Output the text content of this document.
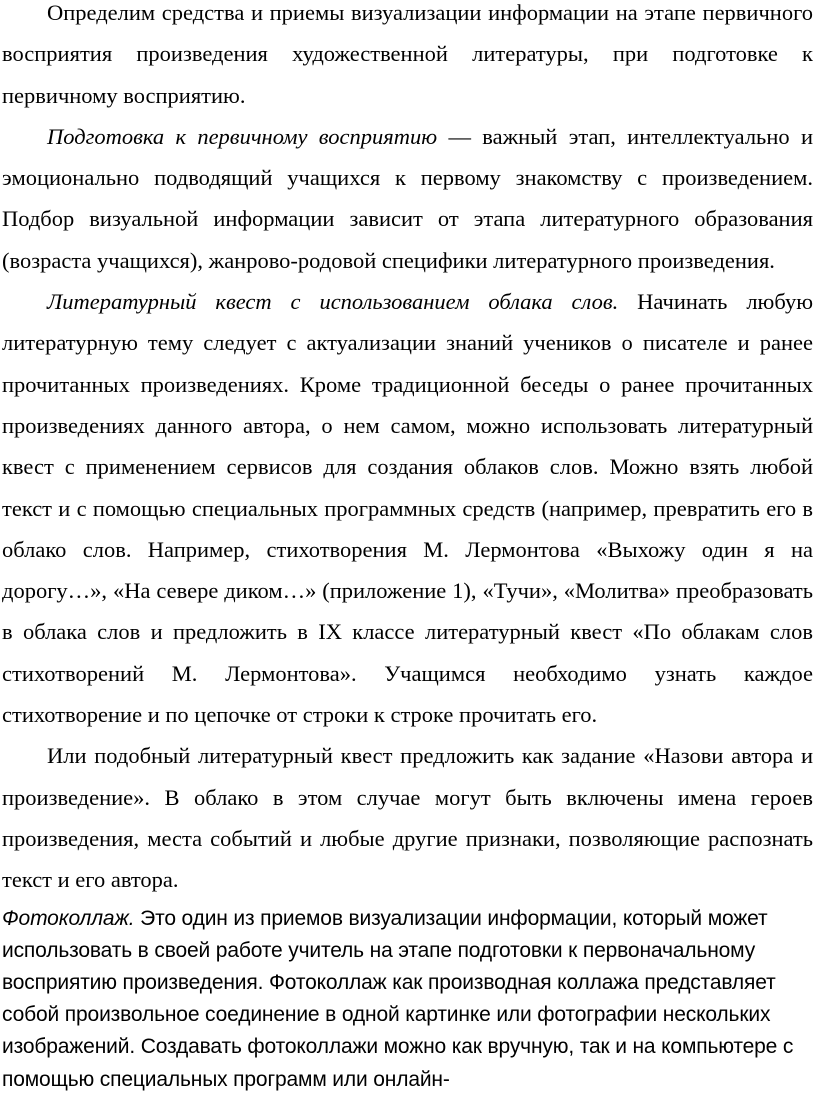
Определим средства и приемы визуализации информации на этапе первичного восприятия произведения художественной литературы, при подготовке к первичному восприятию.

Подготовка к первичному восприятию — важный этап, интеллектуально и эмоционально подводящий учащихся к первому знакомству с произведением. Подбор визуальной информации зависит от этапа литературного образования (возраста учащихся), жанрово-родовой специфики литературного произведения.

Литературный квест с использованием облака слов. Начинать любую литературную тему следует с актуализации знаний учеников о писателе и ранее прочитанных произведениях. Кроме традиционной беседы о ранее прочитанных произведениях данного автора, о нем самом, можно использовать литературный квест с применением сервисов для создания облаков слов. Можно взять любой текст и с помощью специальных программных средств (например, превратить его в облако слов. Например, стихотворения М. Лермонтова «Выхожу один я на дорогу…», «На севере диком…» (приложение 1), «Тучи», «Молитва» преобразовать в облака слов и предложить в IX классе литературный квест «По облакам слов стихотворений М. Лермонтова». Учащимся необходимо узнать каждое стихотворение и по цепочке от строки к строке прочитать его.

Или подобный литературный квест предложить как задание «Назови автора и произведение». В облако в этом случае могут быть включены имена героев произведения, места событий и любые другие признаки, позволяющие распознать текст и его автора.

Фотоколлаж. Это один из приемов визуализации информации, который может использовать в своей работе учитель на этапе подготовки к первоначальному восприятию произведения. Фотоколлаж как производная коллажа представляет собой произвольное соединение в одной картинке или фотографии нескольких изображений. Создавать фотоколлажи можно как вручную, так и на компьютере с помощью специальных программ или онлайн-
